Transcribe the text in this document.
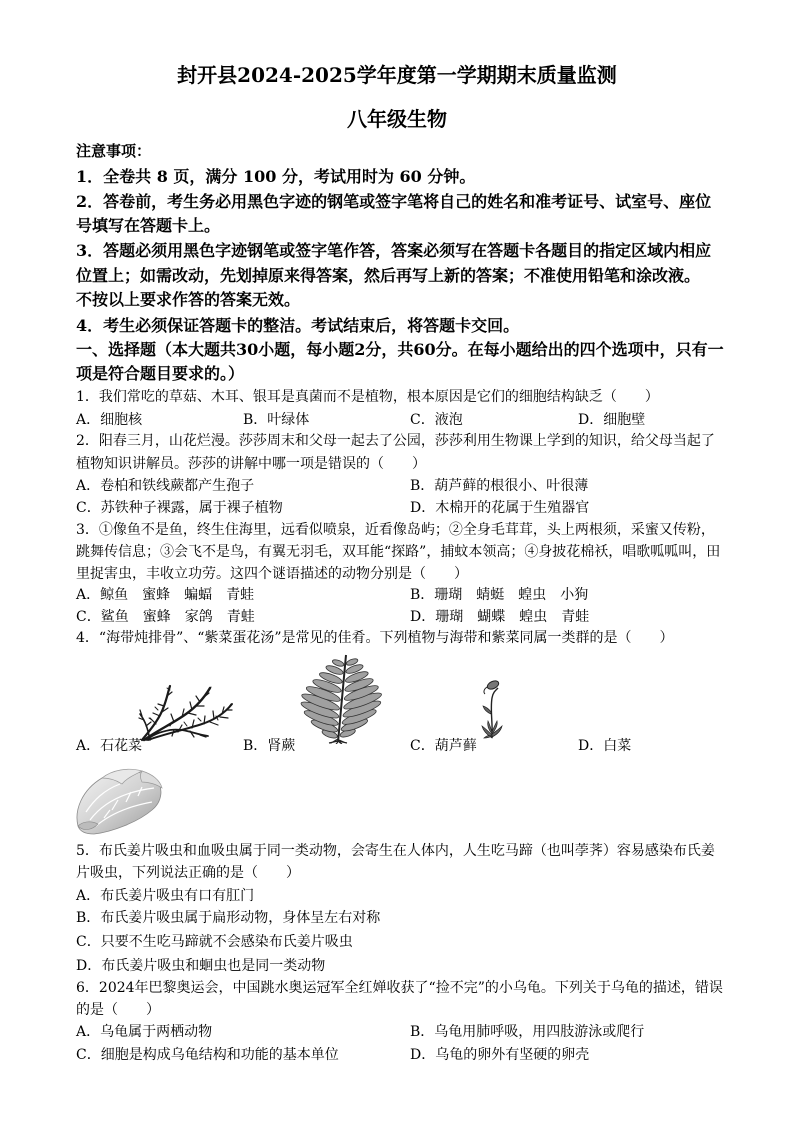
封开县2024-2025学年度第一学期期末质量监测
八年级生物
注意事项：
1．全卷共 8 页，满分 100 分，考试用时为 60 分钟。
2．答卷前，考生务必用黑色字迹的钢笔或签字笔将自己的姓名和准考证号、试室号、座位
号填写在答题卡上。
3．答题必须用黑色字迹钢笔或签字笔作答，答案必须写在答题卡各题目的指定区域内相应
位置上；如需改动，先划掉原来得答案，然后再写上新的答案；不准使用铅笔和涂改液。
不按以上要求作答的答案无效。
4．考生必须保证答题卡的整洁。考试结束后，将答题卡交回。
一、选择题（本大题共30小题，每小题2分，共60分。在每小题给出的四个选项中，只有一
项是符合题目要求的。）
1．我们常吃的草菇、木耳、银耳是真菌而不是植物，根本原因是它们的细胞结构缺乏（　　）
A．细胞核	B．叶绿体	C．液泡	D．细胞壁
2．阳春三月，山花烂漫。莎莎周末和父母一起去了公园，莎莎利用生物课上学到的知识，给父母当起了
植物知识讲解员。莎莎的讲解中哪一项是错误的（　　）
A．卷柏和铁线蕨都产生孢子	B．葫芦藓的根很小、叶很薄
C．苏铁种子裸露，属于裸子植物	D．木棉开的花属于生殖器官
3．①像鱼不是鱼，终生住海里，远看似喷泉，近看像岛屿；②全身毛茸茸，头上两根须，采蜜又传粉，
跳舞传信息；③会飞不是鸟，有翼无羽毛，双耳能“探路”，捕蚊本领高；④身披花棉袄，唱歌呱呱叫，田
里捉害虫，丰收立功劳。这四个谜语描述的动物分别是（　　）
A．鲸鱼　蜜蜂　蝙蝠　青蛙	B．珊瑚　蜻蜓　蝗虫　小狗
C．鲨鱼　蜜蜂　家鸽　青蛙	D．珊瑚　蝴蝶　蝗虫　青蛙
4．“海带炖排骨”、“紫菜蛋花汤”是常见的佳肴。下列植物与海带和紫菜同属一类群的是（　　）
A．石花菜	B．肾蕨	C．葫芦藓	D．白菜
5．布氏姜片吸虫和血吸虫属于同一类动物，会寄生在人体内，人生吃马蹄（也叫荸荠）容易感染布氏姜
片吸虫，下列说法正确的是（　　）
A．布氏姜片吸虫有口有肛门
B．布氏姜片吸虫属于扁形动物，身体呈左右对称
C．只要不生吃马蹄就不会感染布氏姜片吸虫
D．布氏姜片吸虫和蛔虫也是同一类动物
6．2024年巴黎奥运会，中国跳水奥运冠军全红婵收获了“捡不完”的小乌龟。下列关于乌龟的描述，错误
的是（　　）
A．乌龟属于两栖动物	B．乌龟用肺呼吸，用四肢游泳或爬行
C．细胞是构成乌龟结构和功能的基本单位	D．乌龟的卵外有坚硬的卵壳
